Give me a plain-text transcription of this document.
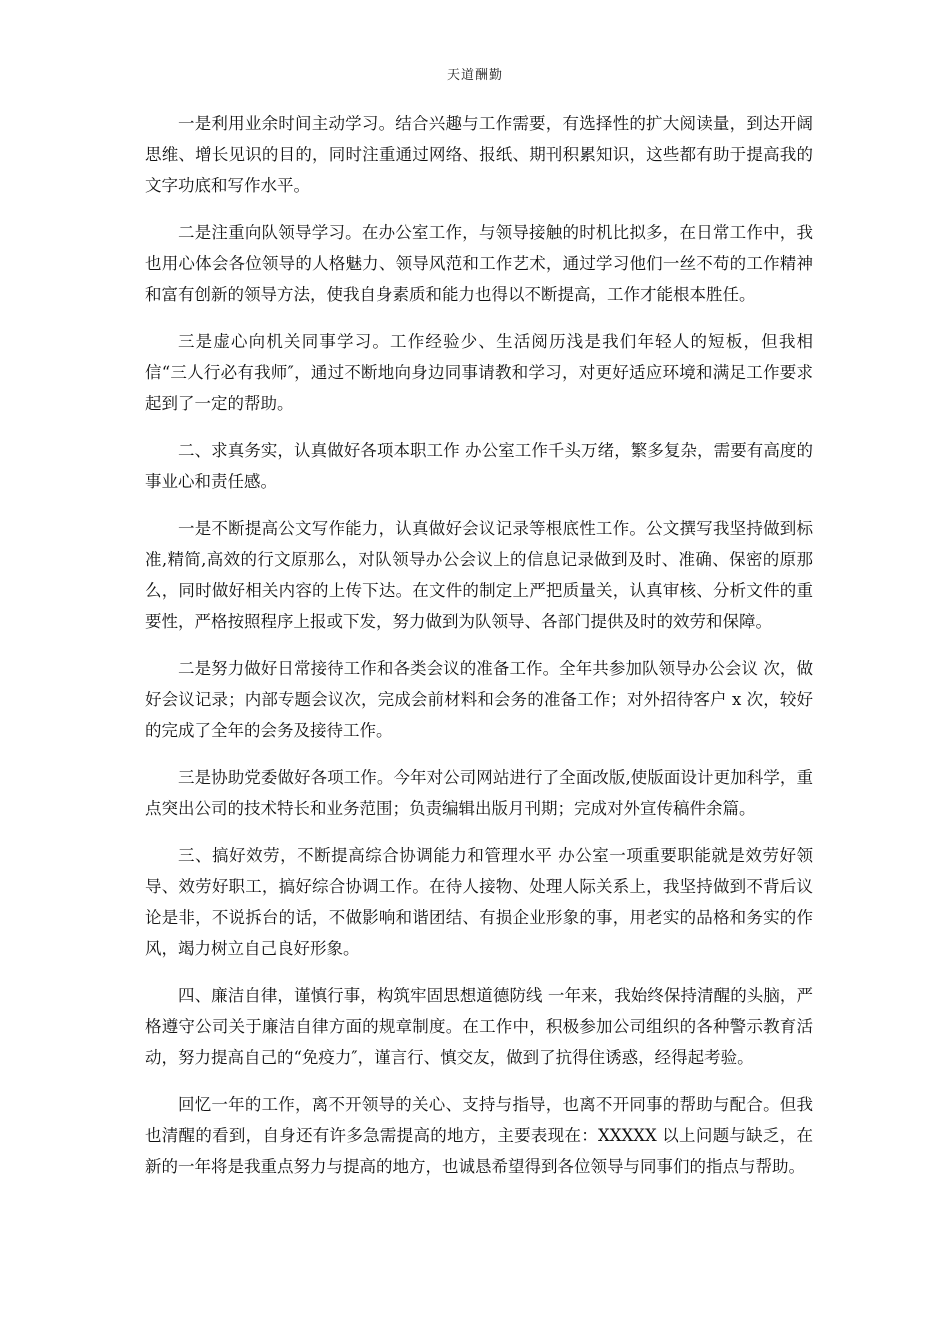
天道酬勤

一是利用业余时间主动学习。结合兴趣与工作需要，有选择性的扩大阅读量，到达开阔思维、增长见识的目的，同时注重通过网络、报纸、期刊积累知识，这些都有助于提高我的文字功底和写作水平。

二是注重向队领导学习。在办公室工作，与领导接触的时机比拟多，在日常工作中，我也用心体会各位领导的人格魅力、领导风范和工作艺术，通过学习他们一丝不苟的工作精神和富有创新的领导方法，使我自身素质和能力也得以不断提高，工作才能根本胜任。

三是虚心向机关同事学习。工作经验少、生活阅历浅是我们年轻人的短板，但我相信“三人行必有我师″，通过不断地向身边同事请教和学习，对更好适应环境和满足工作要求起到了一定的帮助。

二、求真务实，认真做好各项本职工作 办公室工作千头万绪，繁多复杂，需要有高度的事业心和责任感。

一是不断提高公文写作能力，认真做好会议记录等根底性工作。公文撰写我坚持做到标准,精简,高效的行文原那么，对队领导办公会议上的信息记录做到及时、准确、保密的原那么，同时做好相关内容的上传下达。在文件的制定上严把质量关，认真审核、分析文件的重要性，严格按照程序上报或下发，努力做到为队领导、各部门提供及时的效劳和保障。

二是努力做好日常接待工作和各类会议的准备工作。全年共参加队领导办公会议 次，做好会议记录；内部专题会议次，完成会前材料和会务的准备工作；对外招待客户 x 次，较好的完成了全年的会务及接待工作。

三是协助党委做好各项工作。今年对公司网站进行了全面改版,使版面设计更加科学，重点突出公司的技术特长和业务范围；负责编辑出版月刊期；完成对外宣传稿件余篇。

三、搞好效劳，不断提高综合协调能力和管理水平 办公室一项重要职能就是效劳好领导、效劳好职工，搞好综合协调工作。在待人接物、处理人际关系上，我坚持做到不背后议论是非，不说拆台的话，不做影响和谐团结、有损企业形象的事，用老实的品格和务实的作风，竭力树立自己良好形象。

四、廉洁自律，谨慎行事，构筑牢固思想道德防线 一年来，我始终保持清醒的头脑，严格遵守公司关于廉洁自律方面的规章制度。在工作中，积极参加公司组织的各种警示教育活动，努力提高自己的“免疫力″，谨言行、慎交友，做到了抗得住诱惑，经得起考验。

回忆一年的工作，离不开领导的关心、支持与指导，也离不开同事的帮助与配合。但我也清醒的看到，自身还有许多急需提高的地方，主要表现在：XXXXX 以上问题与缺乏，在新的一年将是我重点努力与提高的地方，也诚恳希望得到各位领导与同事们的指点与帮助。
